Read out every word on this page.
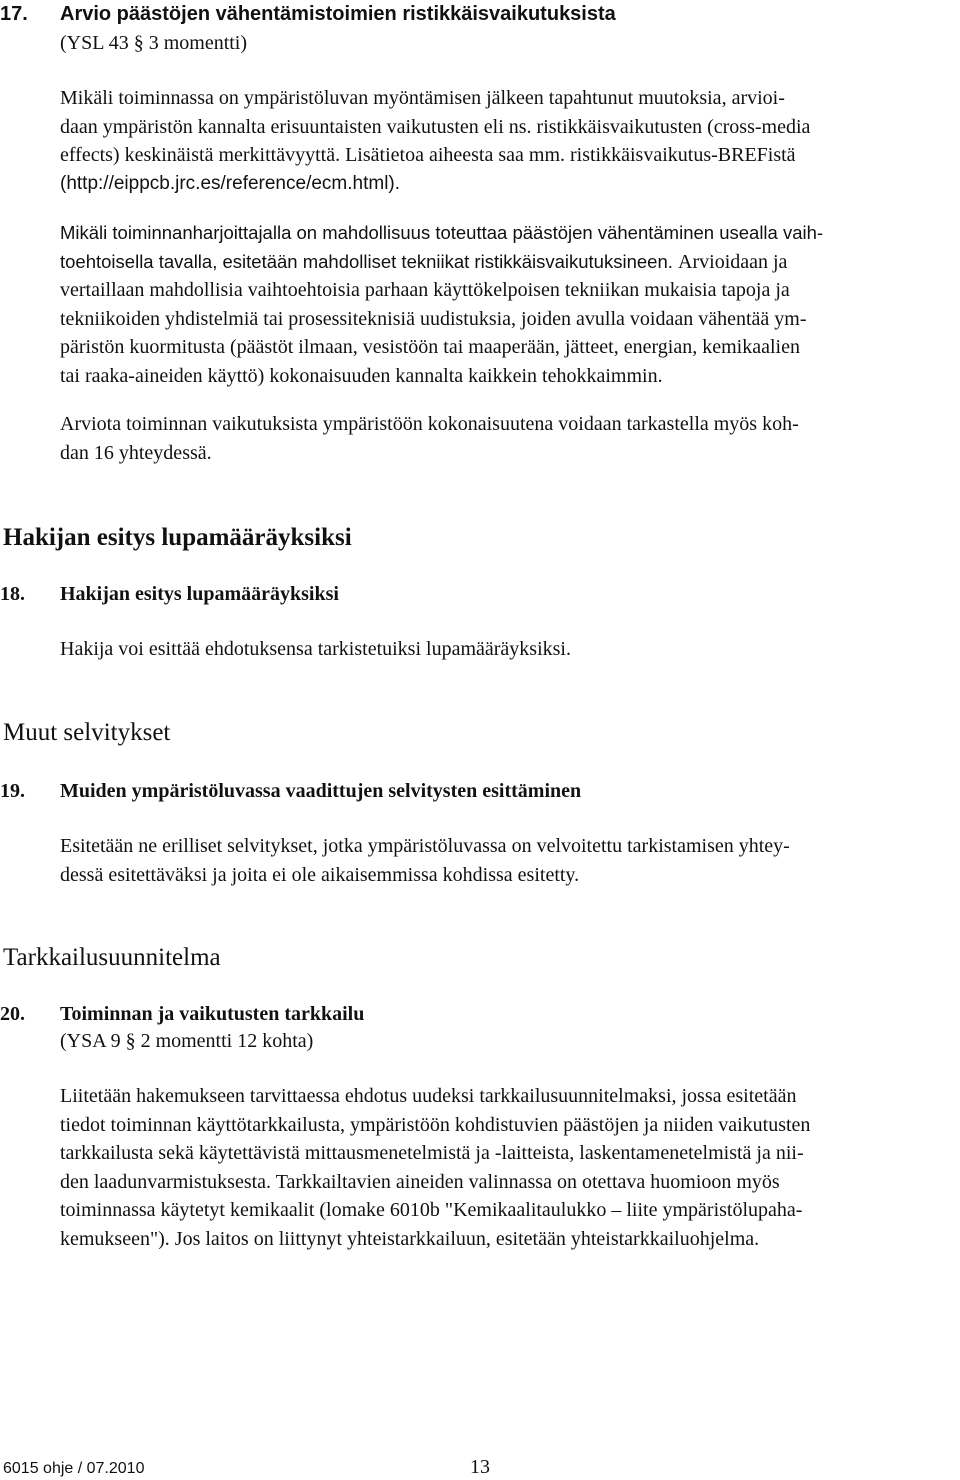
17. Arvio päästöjen vähentämistoimien ristikkäisvaikutuksista
(YSL 43 § 3 momentti)
Mikäli toiminnassa on ympäristöluvan myöntämisen jälkeen tapahtunut muutoksia, arvioi-
daan ympäristön kannalta erisuuntaisten vaikutusten eli ns. ristikkäisvaikutusten (cross-media
effects) keskinäistä merkittävyyttä. Lisätietoa aiheesta saa mm. ristikkäisvaikutus-BREFistä
(http://eippcb.jrc.es/reference/ecm.html).
Mikäli toiminnanharjoittajalla on mahdollisuus toteuttaa päästöjen vähentäminen usealla vaih-
toehtoisella tavalla, esitetään mahdolliset tekniikat ristikkäisvaikutuksineen. Arvioidaan ja
vertaillaan mahdollisia vaihtoehtoisia parhaan käyttökelpoisen tekniikan mukaisia tapoja ja
tekniikoiden yhdistelmiä tai prosessiteknisiä uudistuksia, joiden avulla voidaan vähentää ym-
päristön kuormitusta (päästöt ilmaan, vesistöön tai maaperään, jätteet, energian, kemikaalien
tai raaka-aineiden käyttö) kokonaisuuden kannalta kaikkein tehokkaimmin.
Arviota toiminnan vaikutuksista ympäristöön kokonaisuutena voidaan tarkastella myös koh-
dan 16 yhteydessä.
Hakijan esitys lupamääräyksiksi
18. Hakijan esitys lupamääräyksiksi
Hakija voi esittää ehdotuksensa tarkistetuiksi lupamääräyksiksi.
Muut selvitykset
19. Muiden ympäristöluvassa vaadittujen selvitysten esittäminen
Esitetään ne erilliset selvitykset, jotka ympäristöluvassa on velvoitettu tarkistamisen yhtey-
dessä esitettäväksi ja joita ei ole aikaisemmissa kohdissa esitetty.
Tarkkailusuunnitelma
20. Toiminnan ja vaikutusten tarkkailu
(YSA 9 § 2 momentti 12 kohta)
Liitetään hakemukseen tarvittaessa ehdotus uudeksi tarkkailusuunnitelmaksi, jossa esitetään
tiedot toiminnan käyttötarkkailusta, ympäristöön kohdistuvien päästöjen ja niiden vaikutusten
tarkkailusta sekä käytettävistä mittausmenetelmistä ja -laitteista, laskentamenetelmistä ja nii-
den laadunvarmistuksesta. Tarkkailtavien aineiden valinnassa on otettava huomioon myös
toiminnassa käytetyt kemikaalit (lomake 6010b "Kemikaalitaulukko – liite ympäristölupaha-
kemukseen"). Jos laitos on liittynyt yhteistarkkailuun, esitetään yhteistarkkailuohjelma.
6015 ohje / 07.2010	13
